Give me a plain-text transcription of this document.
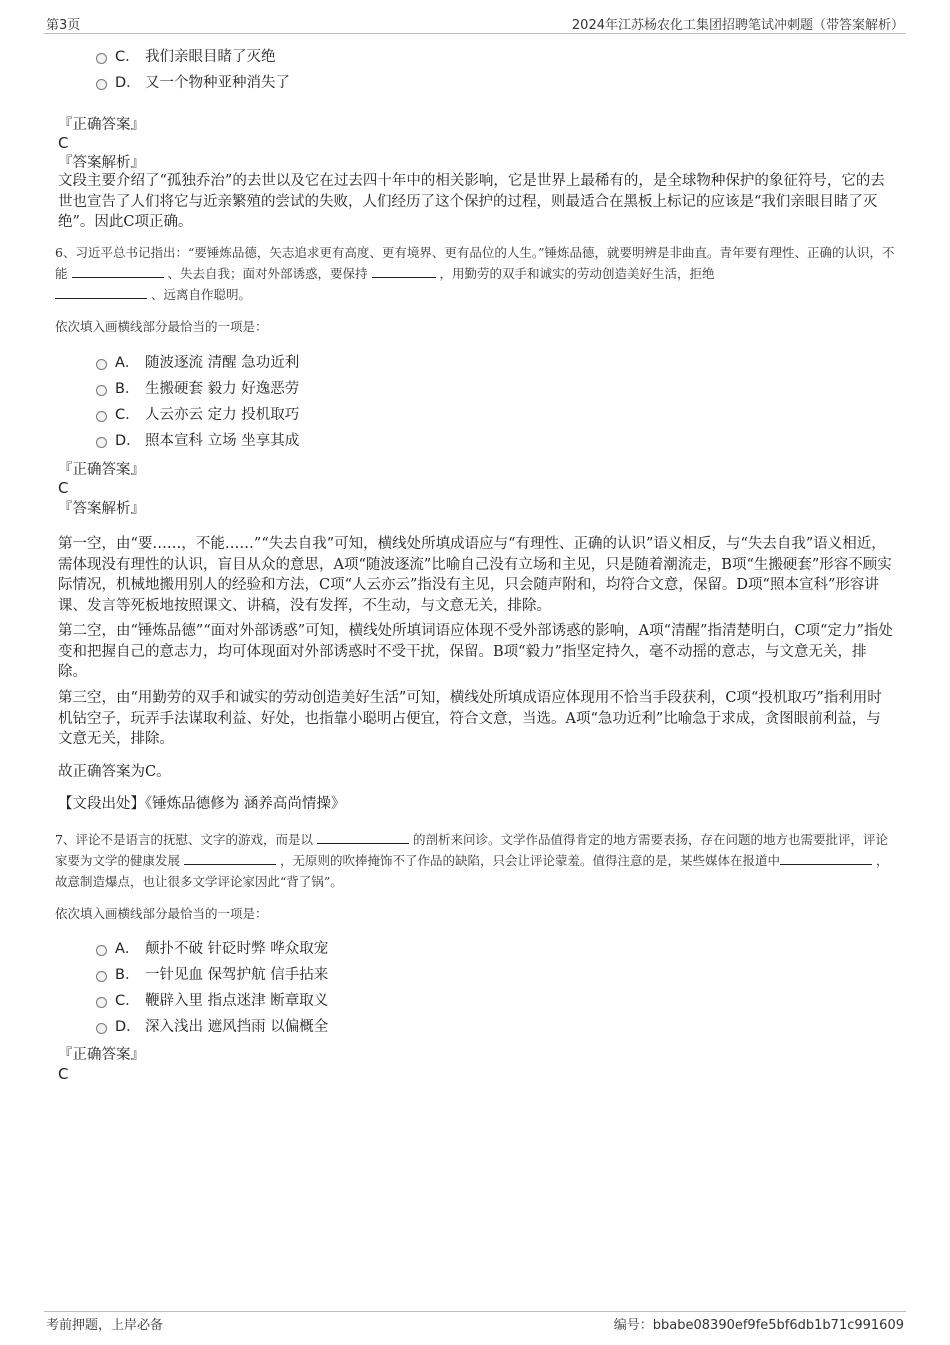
第3页	2024年江苏杨农化工集团招聘笔试冲刺题（带答案解析）
C． 我们亲眼目睹了灭绝
D． 又一个物种亚种消失了
『正确答案』
C
『答案解析』
文段主要介绍了“孤独乔治”的去世以及它在过去四十年中的相关影响，它是世界上最稀有的，是全球物种保护的象征符号，它的去世也宣告了人们将它与近亲繁殖的尝试的失败，人们经历了这个保护的过程，则最适合在黑板上标记的应该是“我们亲眼目睹了灭绝”。因此C项正确。
6、习近平总书记指出：“要锤炼品德，矢志追求更有高度、更有境界、更有品位的人生。”锤炼品德，就要明辨是非曲直。青年要有理性、正确的认识，不能	、失去自我；面对外部诱惑，要保持	，用勤劳的双手和诚实的劳动创造美好生活，拒绝
、远离自作聪明。
依次填入画横线部分最恰当的一项是：
A． 随波逐流 清醒 急功近利
B． 生搬硬套 毅力 好逸恶劳
C． 人云亦云 定力 投机取巧
D． 照本宣科 立场 坐享其成
『正确答案』
C
『答案解析』
第一空，由“要……，不能……”“失去自我”可知，横线处所填成语应与“有理性、正确的认识”语义相反，与“失去自我”语义相近，需体现没有理性的认识，盲目从众的意思，A项“随波逐流”比喻自己没有立场和主见，只是随着潮流走，B项“生搬硬套”形容不顾实际情况，机械地搬用别人的经验和方法，C项“人云亦云”指没有主见，只会随声附和，均符合文意，保留。D项“照本宣科”形容讲课、发言等死板地按照课文、讲稿，没有发挥，不生动，与文意无关，排除。
第二空，由“锤炼品德”“面对外部诱惑”可知，横线处所填词语应体现不受外部诱惑的影响，A项“清醒”指清楚明白，C项“定力”指处变和把握自己的意志力，均可体现面对外部诱惑时不受干扰，保留。B项“毅力”指坚定持久，毫不动摇的意志，与文意无关，排除。
第三空，由“用勤劳的双手和诚实的劳动创造美好生活”可知，横线处所填成语应体现用不恰当手段获利，C项“投机取巧”指利用时机钻空子，玩弄手法谋取利益、好处，也指靠小聪明占便宜，符合文意，当选。A项“急功近利”比喻急于求成，贪图眼前利益，与文意无关，排除。
故正确答案为C。
【文段出处】《锤炼品德修为 涵养高尚情操》
7、评论不是语言的抚慰、文字的游戏，而是以	的剖析来问诊。文学作品值得肯定的地方需要表扬，存在问题的地方也需要批评，评论家要为文学的健康发展	，无原则的吹捧掩饰不了作品的缺陷，只会让评论蒙羞。值得注意的是，某些媒体在报道中	，故意制造爆点，也让很多文学评论家因此“背了锅”。
依次填入画横线部分最恰当的一项是：
A． 颠扑不破 针砭时弊 哗众取宠
B． 一针见血 保驾护航 信手拈来
C． 鞭辟入里 指点迷津 断章取义
D． 深入浅出 遮风挡雨 以偏概全
『正确答案』
C
考前押题，上岸必备	编号：bbabe08390ef9fe5bf6db1b71c991609
